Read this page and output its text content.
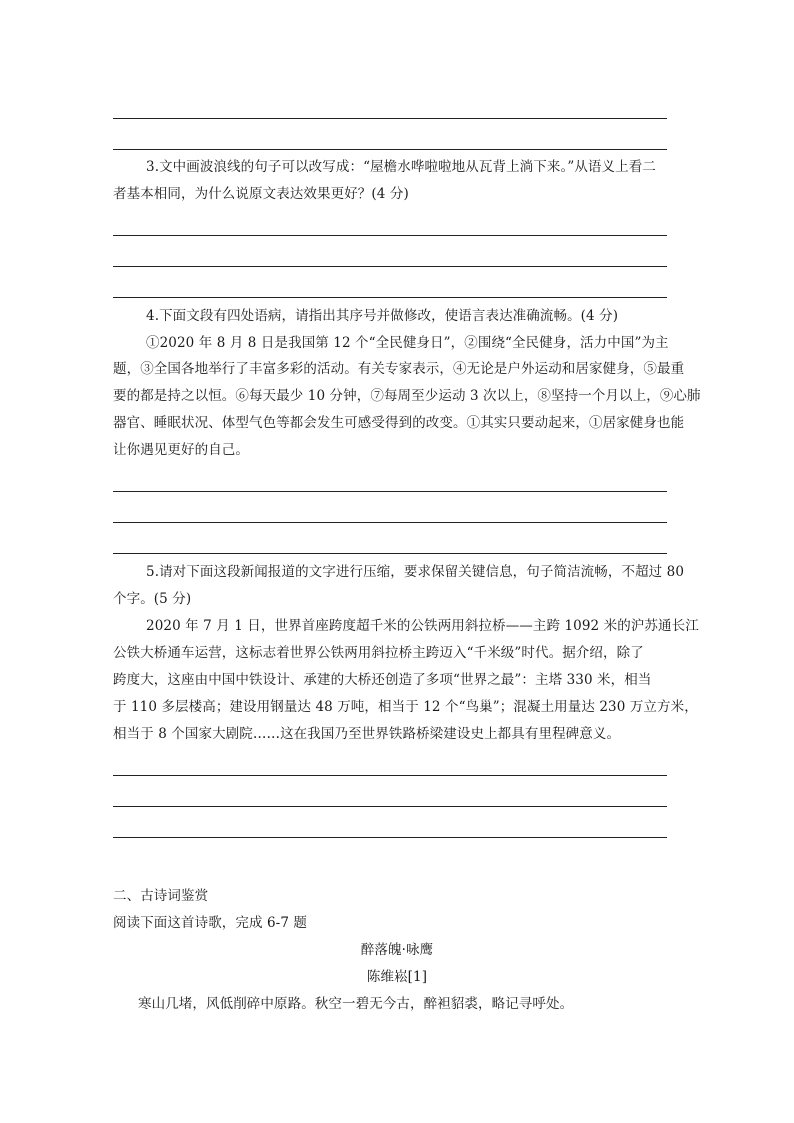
3.文中画波浪线的句子可以改写成：“屋檐水哗啦啦地从瓦背上淌下来。”从语义上看二
者基本相同，为什么说原文表达效果更好？(4 分)
4.下面文段有四处语病，请指出其序号并做修改，使语言表达准确流畅。(4 分)
①2020 年 8 月 8 日是我国第 12 个“全民健身日”，②围绕“全民健身，活力中国”为主
题，③全国各地举行了丰富多彩的活动。有关专家表示，④无论是户外运动和居家健身，⑤最重
要的都是持之以恒。⑥每天最少 10 分钟，⑦每周至少运动 3 次以上，⑧坚持一个月以上，⑨心肺
器官、睡眠状况、体型气色等都会发生可感受得到的改变。①其实只要动起来，①居家健身也能
让你遇见更好的自己。
5.请对下面这段新闻报道的文字进行压缩，要求保留关键信息，句子简洁流畅，不超过 80
个字。(5 分)
2020 年 7 月 1 日，世界首座跨度超千米的公铁两用斜拉桥——主跨 1092 米的沪苏通长江
公铁大桥通车运营，这标志着世界公铁两用斜拉桥主跨迈入“千米级”时代。据介绍，除了
跨度大，这座由中国中铁设计、承建的大桥还创造了多项“世界之最”：主塔 330 米，相当
于 110 多层楼高；建设用钢量达 48 万吨，相当于 12 个“鸟巢”；混凝土用量达 230 万立方米，
相当于 8 个国家大剧院……这在我国乃至世界铁路桥梁建设史上都具有里程碑意义。
二、古诗词鉴赏
阅读下面这首诗歌，完成 6-7 题
醉落魄·咏鹰
陈维崧[1]
寒山几堵，风低削碎中原路。秋空一碧无今古，醉袒貂裘，略记寻呼处。
